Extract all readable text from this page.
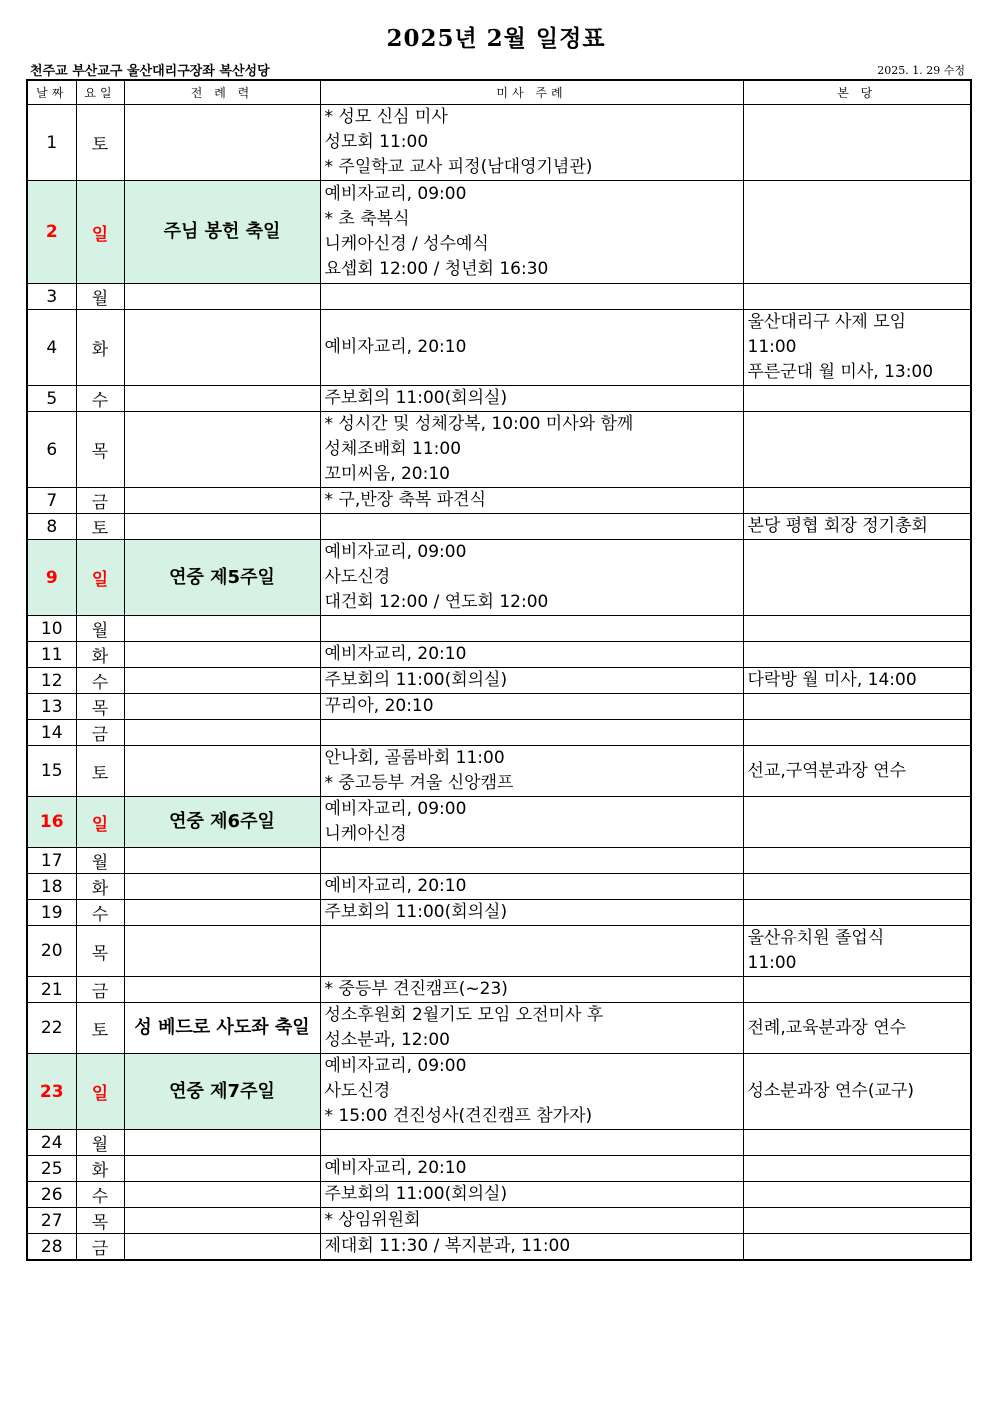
2025년 2월 일정표
천주교 부산교구 울산대리구장좌 복산성당	2025. 1. 29 수정
날짜	요일	전 례 력	미사 주례	본 당
1	토		* 성모 신심 미사
성모회 11:00
* 주일학교 교사 피정(남대영기념관)	

2	일	주님 봉헌 축일	예비자교리, 09:00
* 초 축복식
니케아신경 / 성수예식
요셉회 12:00 / 청년회 16:30	

3	월			
4	화		예비자교리, 20:10	울산대리구 사제 모임
11:00
푸른군대 월 미사, 13:00

5	수		주보회의 11:00(회의실)	

6	목		* 성시간 및 성체강복, 10:00 미사와 함께
성체조배회 11:00
꼬미씨움, 20:10	

7	금		* 구,반장 축복 파견식	

8	토			본당 평협 회장 정기총회

9	일	연중 제5주일	예비자교리, 09:00
사도신경
대건회 12:00 / 연도회 12:00	

10	월			
11	화		예비자교리, 20:10	

12	수		주보회의 11:00(회의실)	다락방 월 미사, 14:00

13	목		꾸리아, 20:10	

14	금			
15	토		안나회, 골롬바회 11:00
* 중고등부 겨울 신앙캠프	선교,구역분과장 연수

16	일	연중 제6주일	예비자교리, 09:00
니케아신경	

17	월			
18	화		예비자교리, 20:10	

19	수		주보회의 11:00(회의실)	

20	목			울산유치원 졸업식
11:00

21	금		* 중등부 견진캠프(~23)	

22	토	성 베드로 사도좌 축일	성소후원회 2월기도 모임 오전미사 후
성소분과, 12:00	전례,교육분과장 연수

23	일	연중 제7주일	예비자교리, 09:00
사도신경
* 15:00 견진성사(견진캠프 참가자)	성소분과장 연수(교구)

24	월			
25	화		예비자교리, 20:10	

26	수		주보회의 11:00(회의실)	

27	목		* 상임위원회	

28	금		제대회 11:30 / 복지분과, 11:00	
